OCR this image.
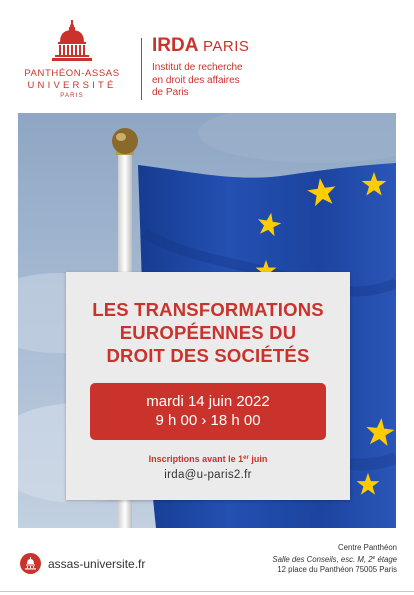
PANTHÉON-ASSAS
UNIVERSITÉ
PARIS
IRDA PARIS
Institut de recherche
en droit des affaires
de Paris
LES TRANSFORMATIONS
EUROPÉENNES DU
DROIT DES SOCIÉTÉS
mardi 14 juin 2022
9 h 00 › 18 h 00
Inscriptions avant le 1er juin
irda@u-paris2.fr
assas-universite.fr
Centre Panthéon
Salle des Conseils, esc. M, 2e étage
12 place du Panthéon 75005 Paris
